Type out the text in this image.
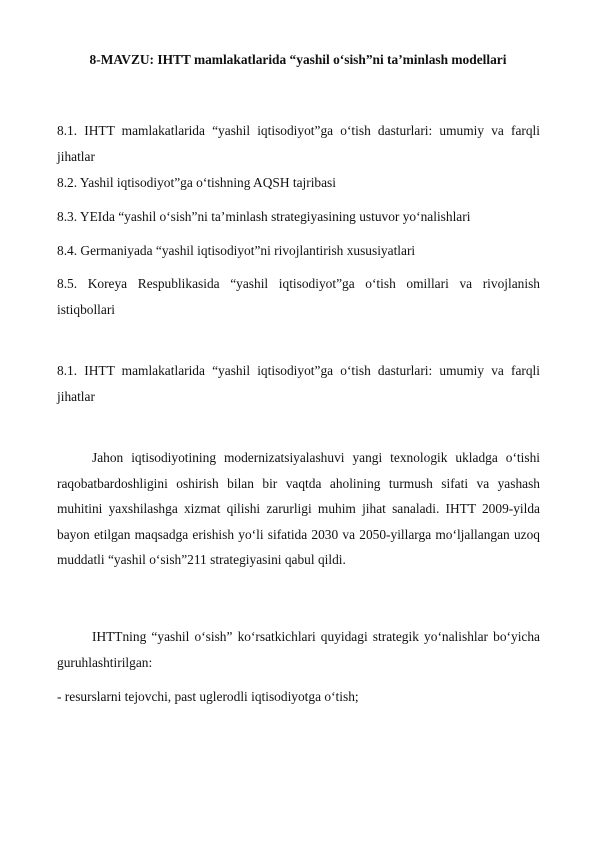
8-MAVZU: IHTT mamlakatlarida “yashil o‘sish”ni ta’minlash modellari

8.1. IHTT mamlakatlarida “yashil iqtisodiyot”ga o‘tish dasturlari: umumiy va farqli jihatlar

8.2. Yashil iqtisodiyot”ga o‘tishning AQSH tajribasi

8.3. YEIda “yashil o‘sish”ni ta’minlash strategiyasining ustuvor yo‘nalishlari

8.4. Germaniyada “yashil iqtisodiyot”ni rivojlantirish xususiyatlari

8.5. Koreya Respublikasida “yashil iqtisodiyot”ga o‘tish omillari va rivojlanish istiqbollari

8.1. IHTT mamlakatlarida “yashil iqtisodiyot”ga o‘tish dasturlari: umumiy va farqli jihatlar

Jahon iqtisodiyotining modernizatsiyalashuvi yangi texnologik ukladga o‘tishi raqobatbardoshligini oshirish bilan bir vaqtda aholining turmush sifati va yashash muhitini yaxshilashga xizmat qilishi zarurligi muhim jihat sanaladi. IHTT 2009-yilda bayon etilgan maqsadga erishish yo‘li sifatida 2030 va 2050-yillarga mo‘ljallangan uzoq muddatli “yashil o‘sish”211 strategiyasini qabul qildi.

IHTTning “yashil o‘sish” ko‘rsatkichlari quyidagi strategik yo‘nalishlar bo‘yicha guruhlashtirilgan:

- resurslarni tejovchi, past uglerodli iqtisodiyotga o‘tish;
